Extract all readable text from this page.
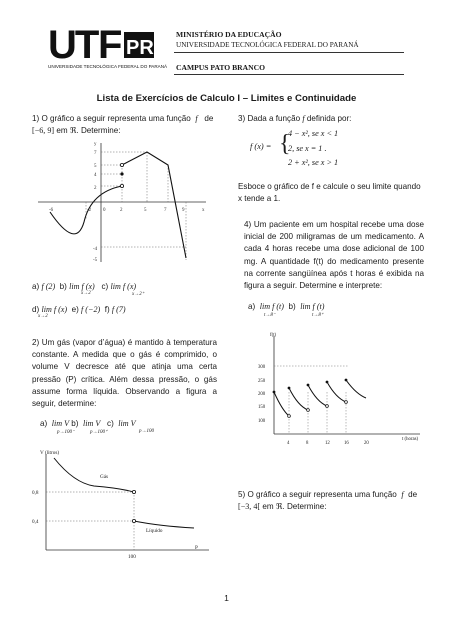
UT F PR
UNIVERSIDADE TECNOLÓGICA FEDERAL DO PARANÁ
MINISTÉRIO DA EDUCAÇÃO
UNIVERSIDADE TECNOLÓGICA FEDERAL DO PARANÁ
CAMPUS PATO BRANCO
Lista de Exercícios de Calculo I – Limites e Continuidade
1) O gráfico a seguir representa uma função f de
[−6, 9] em ℜ. Determine:
y
7
5
4
2
-4
-5
-6	-2 0	2	5	7	9	x
a) f (2) b) lim f (x) c) lim f (x)
x→2	x→2⁺
d) lim f (x) e) f (−2) f) f (7)
x→2
2) Um gás (vapor d’água) é mantido à temperatura constante. A medida que o gás é comprimido, o volume V decresce até que atinja uma certa pressão (P) crítica. Além dessa pressão, o gás assume forma líquida. Observando a figura a seguir, determine:
a) lim V b) lim V c) lim V
p→100⁻	p→100⁺	p→100
V (litros)
Gás
Líquido
P
0,8
0,4
100
3) Dada a função f definida por:
f (x) = {
4 − x², se x < 1
2, se x = 1 .
2 + x², se x > 1
Esboce o gráfico de f e calcule o seu limite quando x tende a 1.
4) Um paciente em um hospital recebe uma dose inicial de 200 miligramas de um medicamento. A cada 4 horas recebe uma dose adicional de 100 mg. A quantidade f(t) do medicamento presente na corrente sangüínea após t horas é exibida na figura a seguir. Determine e interprete:
a) lim f (t) b) lim f (t)
t→8⁻	t→8⁺
f(t)
t (horas)
300
250
200
150
100
4	8	12	16	20
5) O gráfico a seguir representa uma função f de
[−3, 4[ em ℜ. Determine:
1
